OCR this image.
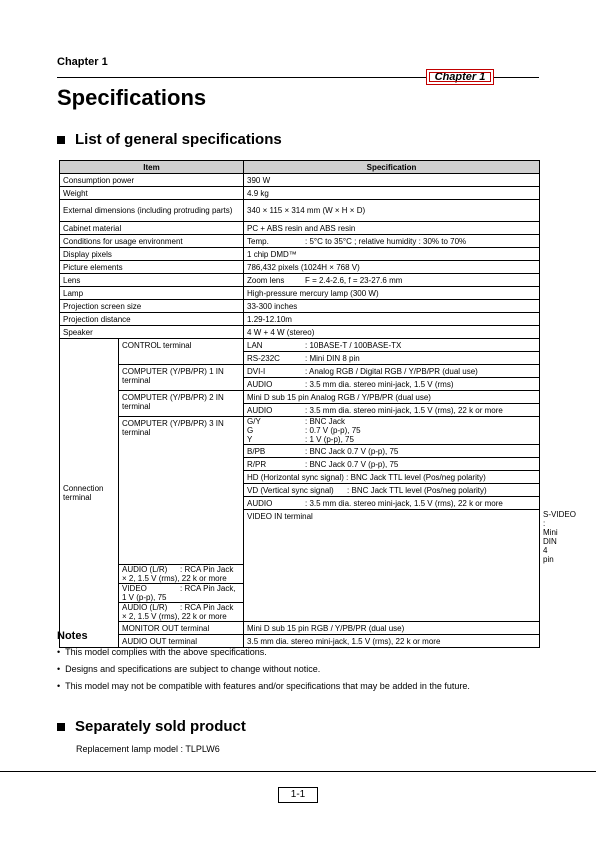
Chapter 1
Chapter 1
Specifications
List of general specifications
Item		Specification	
Consumption power		390 W	
Weight		4.9 kg	
External dimensions (including protruding parts)		340 × 115 × 314 mm (W × H × D)	
Cabinet material		PC + ABS resin and ABS resin	
Conditions for usage environment		Temp. : 5°C to 35°C ; relative humidity : 30% to 70%	
Display pixels		1 chip DMD™	
Picture elements		786,432 pixels (1024H × 768 V)	
Lens		Zoom lens F = 2.4-2.6, f = 23-27.6 mm	
Lamp		High-pressure mercury lamp (300 W)	
Projection screen size		33-300 inches	
Projection distance		1.29-12.10m	
Speaker		4 W + 4 W (stereo)	
Connection terminal	CONTROL terminal	LAN : 10BASE-T / 100BASE-TX	
		RS-232C : Mini DIN 8 pin	
	COMPUTER (Y/PB/PR) 1 IN terminal	DVI-I : Analog RGB / Digital RGB / Y/PB/PR (dual use)	
		AUDIO : 3.5 mm dia. stereo mini-jack, 1.5 V (rms)	
	COMPUTER (Y/PB/PR) 2 IN terminal	Mini D sub 15 pin Analog RGB / Y/PB/PR (dual use)	
		AUDIO : 3.5 mm dia. stereo mini-jack, 1.5 V (rms), 22 k or more	
	COMPUTER (Y/PB/PR) 3 IN terminal	G/Y : BNC Jack	
		G : 0.7 V (p-p), 75	
		Y : 1 V (p-p), 75	
		B/PB : BNC Jack 0.7 V (p-p), 75	
		R/PR : BNC Jack 0.7 V (p-p), 75	
		HD (Horizontal sync signal) : BNC Jack TTL level (Pos/neg polarity)	
		VD (Vertical sync signal)      : BNC Jack TTL level (Pos/neg polarity)	
		AUDIO : 3.5 mm dia. stereo mini-jack, 1.5 V (rms), 22 k or more	
		VIDEO IN terminal	S-VIDEO: Mini DIN 4 pin
	AUDIO (L/R) : RCA Pin Jack × 2, 1.5 V (rms), 22 k or more		
	VIDEO : RCA Pin Jack, 1 V (p-p), 75		
	AUDIO (L/R) : RCA Pin Jack × 2, 1.5 V (rms), 22 k or more		
	MONITOR OUT terminal	Mini D sub 15 pin RGB / Y/PB/PR (dual use)	
	AUDIO OUT terminal	3.5 mm dia. stereo mini-jack, 1.5 V (rms), 22 k or more	
Notes
• This model complies with the above specifications.
• Designs and specifications are subject to change without notice.
• This model may not be compatible with features and/or specifications that may be added in the future.
Separately sold product
Replacement lamp model : TLPLW6
1-1
